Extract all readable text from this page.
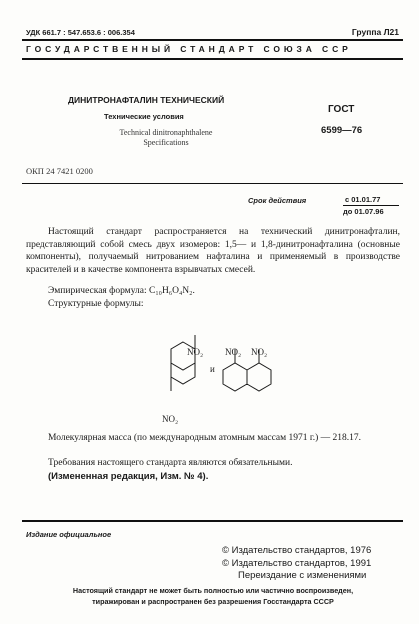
УДК 661.7 : 547.653.6 : 006.354	Группа Л21
ГОСУДАРСТВЕННЫЙ СТАНДАРТ СОЮЗА ССР
ДИНИТРОНАФТАЛИН ТЕХНИЧЕСКИЙ
Технические условия
Technical dinitronaphthalene
Specifications
ГОСТ
6599—76
ОКП 24 7421 0200
Срок действия	с 01.01.77
до 01.07.96

Настоящий стандарт распространяется на технический динитронафталин, представляющий собой смесь двух изомеров: 1,5— и 1,8-динитронафталина (основные компоненты), получаемый нитрованием нафталина и применяемый в производстве красителей и в качестве компонента взрывчатых смесей.

Эмпирическая формула: C₁₀H₆O₄N₂.
Структурные формулы:
NO₂
NO₂
и
NO₂ NO₂

Молекулярная масса (по международным атомным массам 1971 г.) — 218.17.

Требования настоящего стандарта являются обязательными.
(Измененная редакция, Изм. № 4).
Издание официальное
© Издательство стандартов, 1976
© Издательство стандартов, 1991
Переиздание с изменениями
Настоящий стандарт не может быть полностью или частично воспроизведен,
тиражирован и распространен без разрешения Госстандарта СССР
